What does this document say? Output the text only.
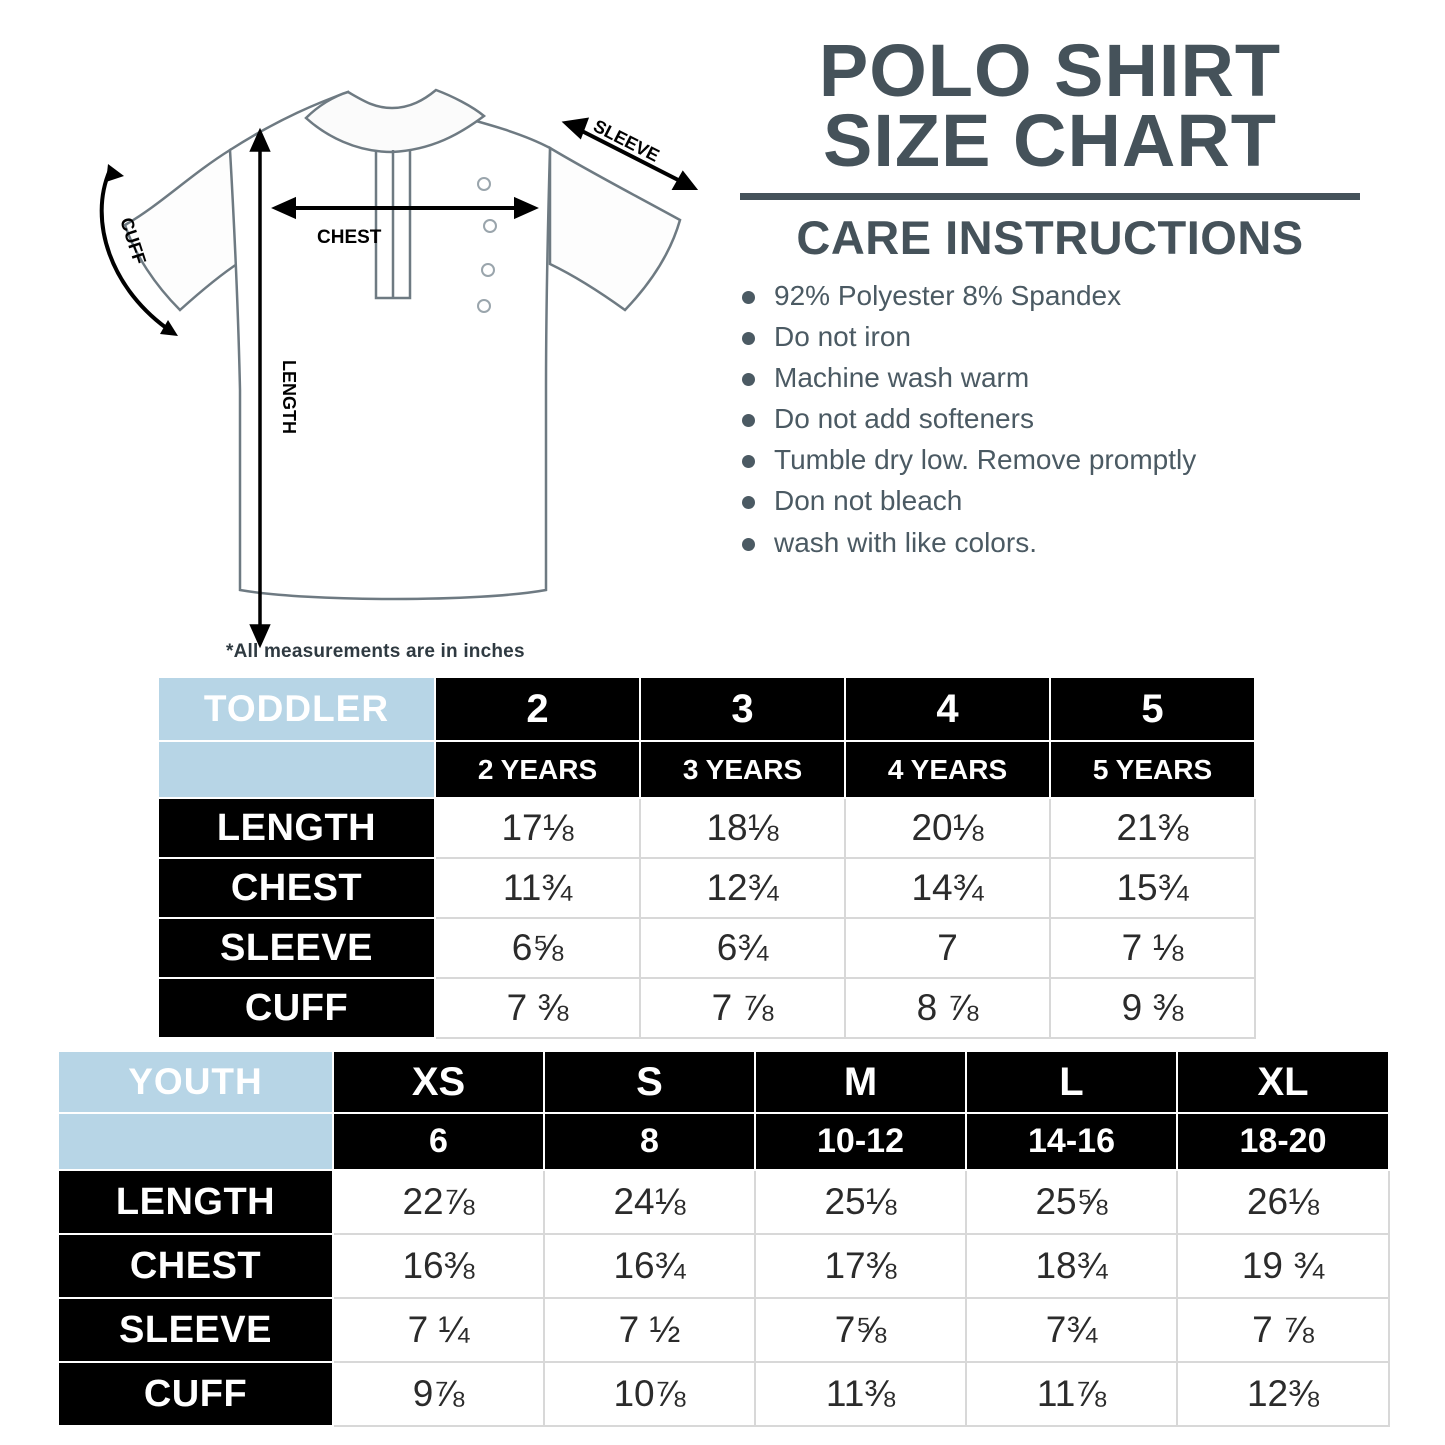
CHEST
LENGTH
SLEEVE
CUFF
*All measurements are in inches
POLO SHIRT
SIZE CHART
CARE INSTRUCTIONS
92% Polyester 8% Spandex
Do not iron
Machine wash warm
Do not add softeners
Tumble dry low. Remove promptly
Don not bleach
wash with like colors.
TODDLER	2	3	4	5
	2 YEARS	3 YEARS	4 YEARS	5 YEARS
LENGTH	17⅛	18⅛	20⅛	21⅜
CHEST	11¾	12¾	14¾	15¾
SLEEVE	6⅝	6¾	7	7 ⅛
CUFF	7 ⅜	7 ⅞	8 ⅞	9 ⅜
YOUTH	XS	S	M	L	XL
	6	8	10-12	14-16	18-20
LENGTH	22⅞	24⅛	25⅛	25⅝	26⅛
CHEST	16⅜	16¾	17⅜	18¾	19 ¾
SLEEVE	7 ¼	7 ½	7⅝	7¾	7 ⅞
CUFF	9⅞	10⅞	11⅜	11⅞	12⅜
